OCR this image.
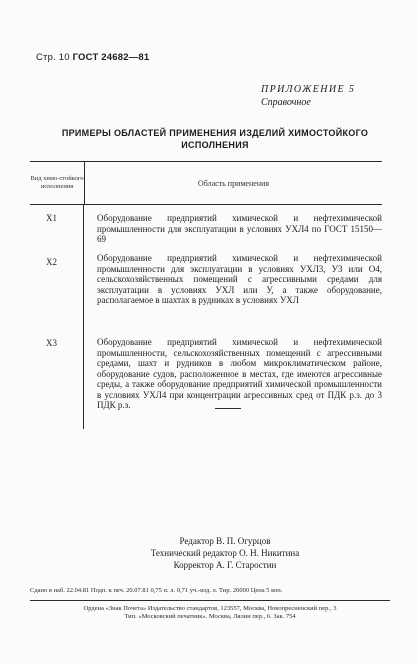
Стр. 10 ГОСТ 24682—81
ПРИЛОЖЕНИЕ 5
Справочное
ПРИМЕРЫ ОБЛАСТЕЙ ПРИМЕНЕНИЯ ИЗДЕЛИЙ ХИМОСТОЙКОГО ИСПОЛНЕНИЯ
Вид химо-стойкого исполнения	Область применения
Х1	Оборудование предприятий химической и нефтехимической промышленности для эксплуатации в условиях УХЛ4 по ГОСТ 15150—69
Х2	Оборудование предприятий химической и нефтехимической промышленности для эксплуатации в условиях УХЛ3, У3 или О4, сельскохозяйственных помещений с агрессивными средами для эксплуатации в условиях УХЛ или У, а также оборудование, располагаемое в шахтах в рудниках в условиях УХЛ
Х3	Оборудование предприятий химической и нефтехимической промышленности, сельскохозяйственных помещений с агрессивными средами, шахт и рудников в любом микроклиматическом районе, оборудование судов, расположенное в местах, где имеются агрессивные среды, а также оборудование предприятий химической промышленности в условиях УХЛ4 при концентрации агрессивных сред от ПДК р.з. до 3 ПДК р.з.
Редактор В. П. Огурцов
Технический редактор О. Н. Никитина
Корректор А. Г. Старостин
Сдано в наб. 22.04.81 Подп. к печ. 20.07.81 0,75 п. л. 0,71 уч.-изд. л. Тир. 20000 Цена 5 коп.
Ордена «Знак Почета» Издательство стандартов, 123557, Москва, Новопресненский пер., 3
Тип. «Московский печатник». Москва, Лялин пер., 6. Зак. 754
